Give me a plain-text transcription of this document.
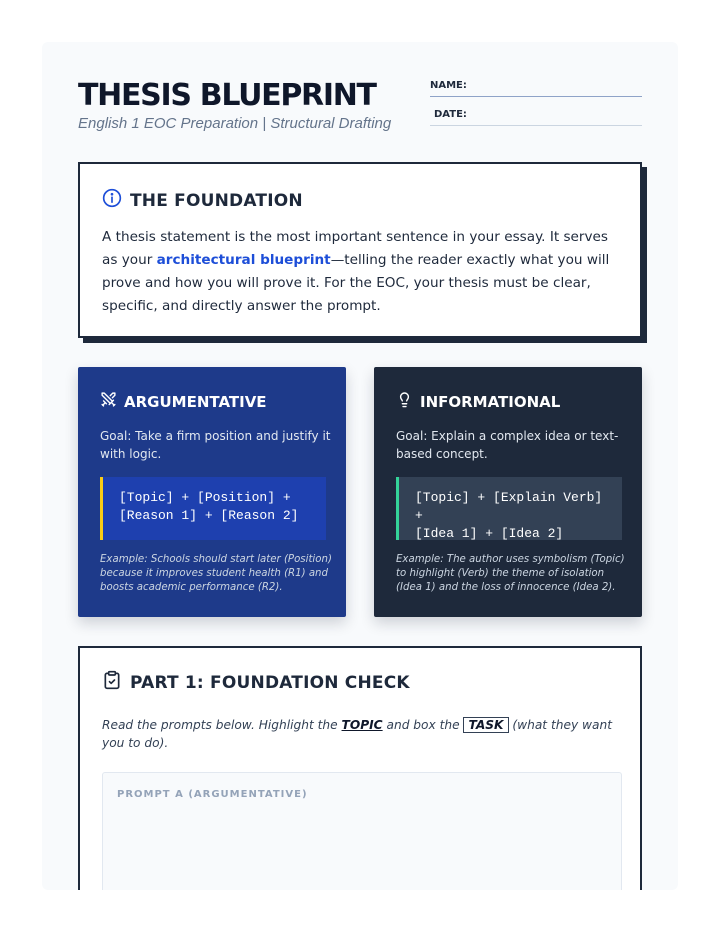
THESIS BLUEPRINT
English 1 EOC Preparation | Structural Drafting
NAME:
DATE:
THE FOUNDATION

A thesis statement is the most important sentence in your essay. It serves as your architectural blueprint—telling the reader exactly what you will prove and how you will prove it. For the EOC, your thesis must be clear, specific, and directly answer the prompt.

ARGUMENTATIVE

Goal: Take a firm position and justify it with logic.

[Topic] + [Position] +
[Reason 1] + [Reason 2]

Example: Schools should start later (Position) because it improves student health (R1) and boosts academic performance (R2).

INFORMATIONAL

Goal: Explain a complex idea or text-based concept.

[Topic] + [Explain Verb] +
[Idea 1] + [Idea 2]

Example: The author uses symbolism (Topic) to highlight (Verb) the theme of isolation (Idea 1) and the loss of innocence (Idea 2).

PART 1: FOUNDATION CHECK

Read the prompts below. Highlight the TOPIC and box the TASK (what they want you to do).

PROMPT A (ARGUMENTATIVE)
